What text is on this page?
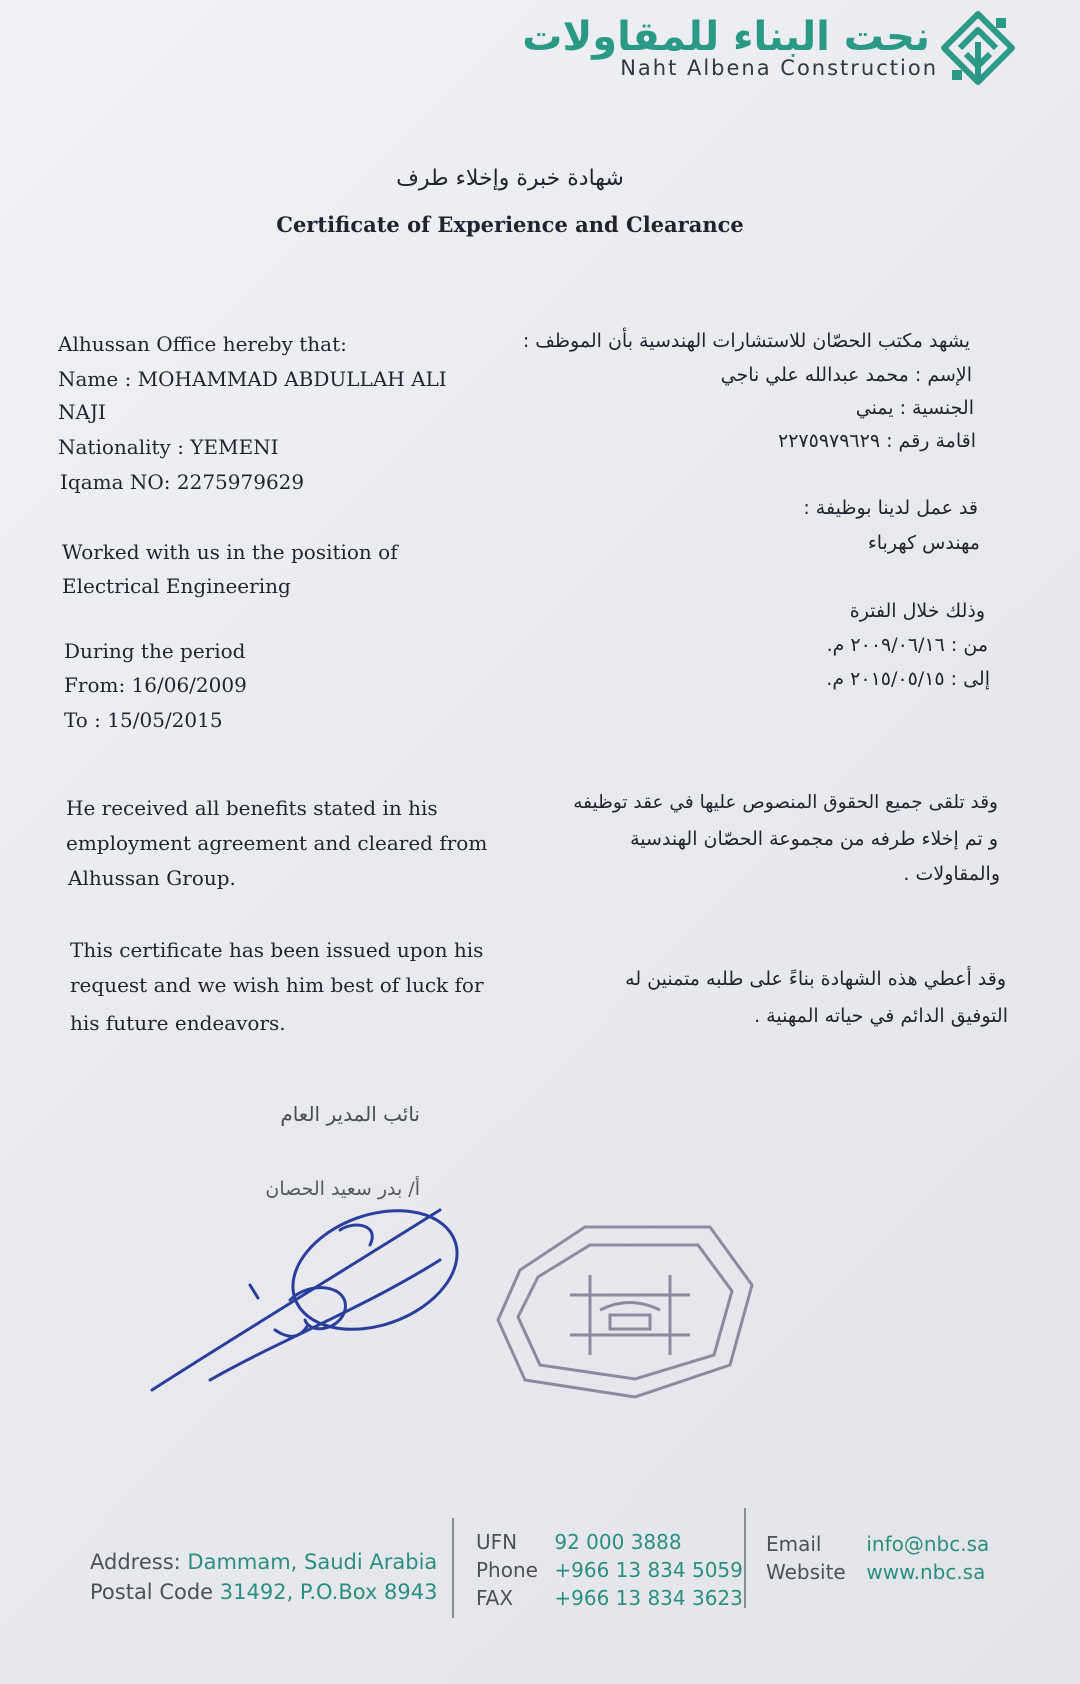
نحت البناء للمقاولات
Naht Albena Construction
شهادة خبرة وإخلاء طرف
Certificate of Experience and Clearance
Alhussan Office hereby that:
Name : MOHAMMAD ABDULLAH ALI
NAJI
Nationality : YEMENI
Iqama NO: 2275979629
Worked with us in the position of
Electrical Engineering
During the period
From: 16/06/2009
To : 15/05/2015
He received all benefits stated in his
employment agreement and cleared from
Alhussan Group.
This certificate has been issued upon his
request and we wish him best of luck for
his future endeavors.
يشهد مكتب الحصّان للاستشارات الهندسية بأن الموظف :
الإسم : محمد عبدالله علي ناجي
الجنسية : يمني
اقامة رقم : ٢٢٧٥٩٧٩٦٢٩
قد عمل لدينا بوظيفة :
مهندس كهرباء
وذلك خلال الفترة
من : ٢٠٠٩/٠٦/١٦ م.
إلى : ٢٠١٥/٠٥/١٥ م.
وقد تلقى جميع الحقوق المنصوص عليها في عقد توظيفه
و تم إخلاء طرفه من مجموعة الحصّان الهندسية
والمقاولات .
وقد أعطي هذه الشهادة بناءً على طلبه متمنين له
التوفيق الدائم في حياته المهنية .
نائب المدير العام
أ/ بدر سعيد الحصان
Address: Dammam, Saudi Arabia
Postal Code 31492, P.O.Box 8943
UFN 92 000 3888
Phone +966 13 834 5059
FAX +966 13 834 3623
Email info@nbc.sa
Website www.nbc.sa
